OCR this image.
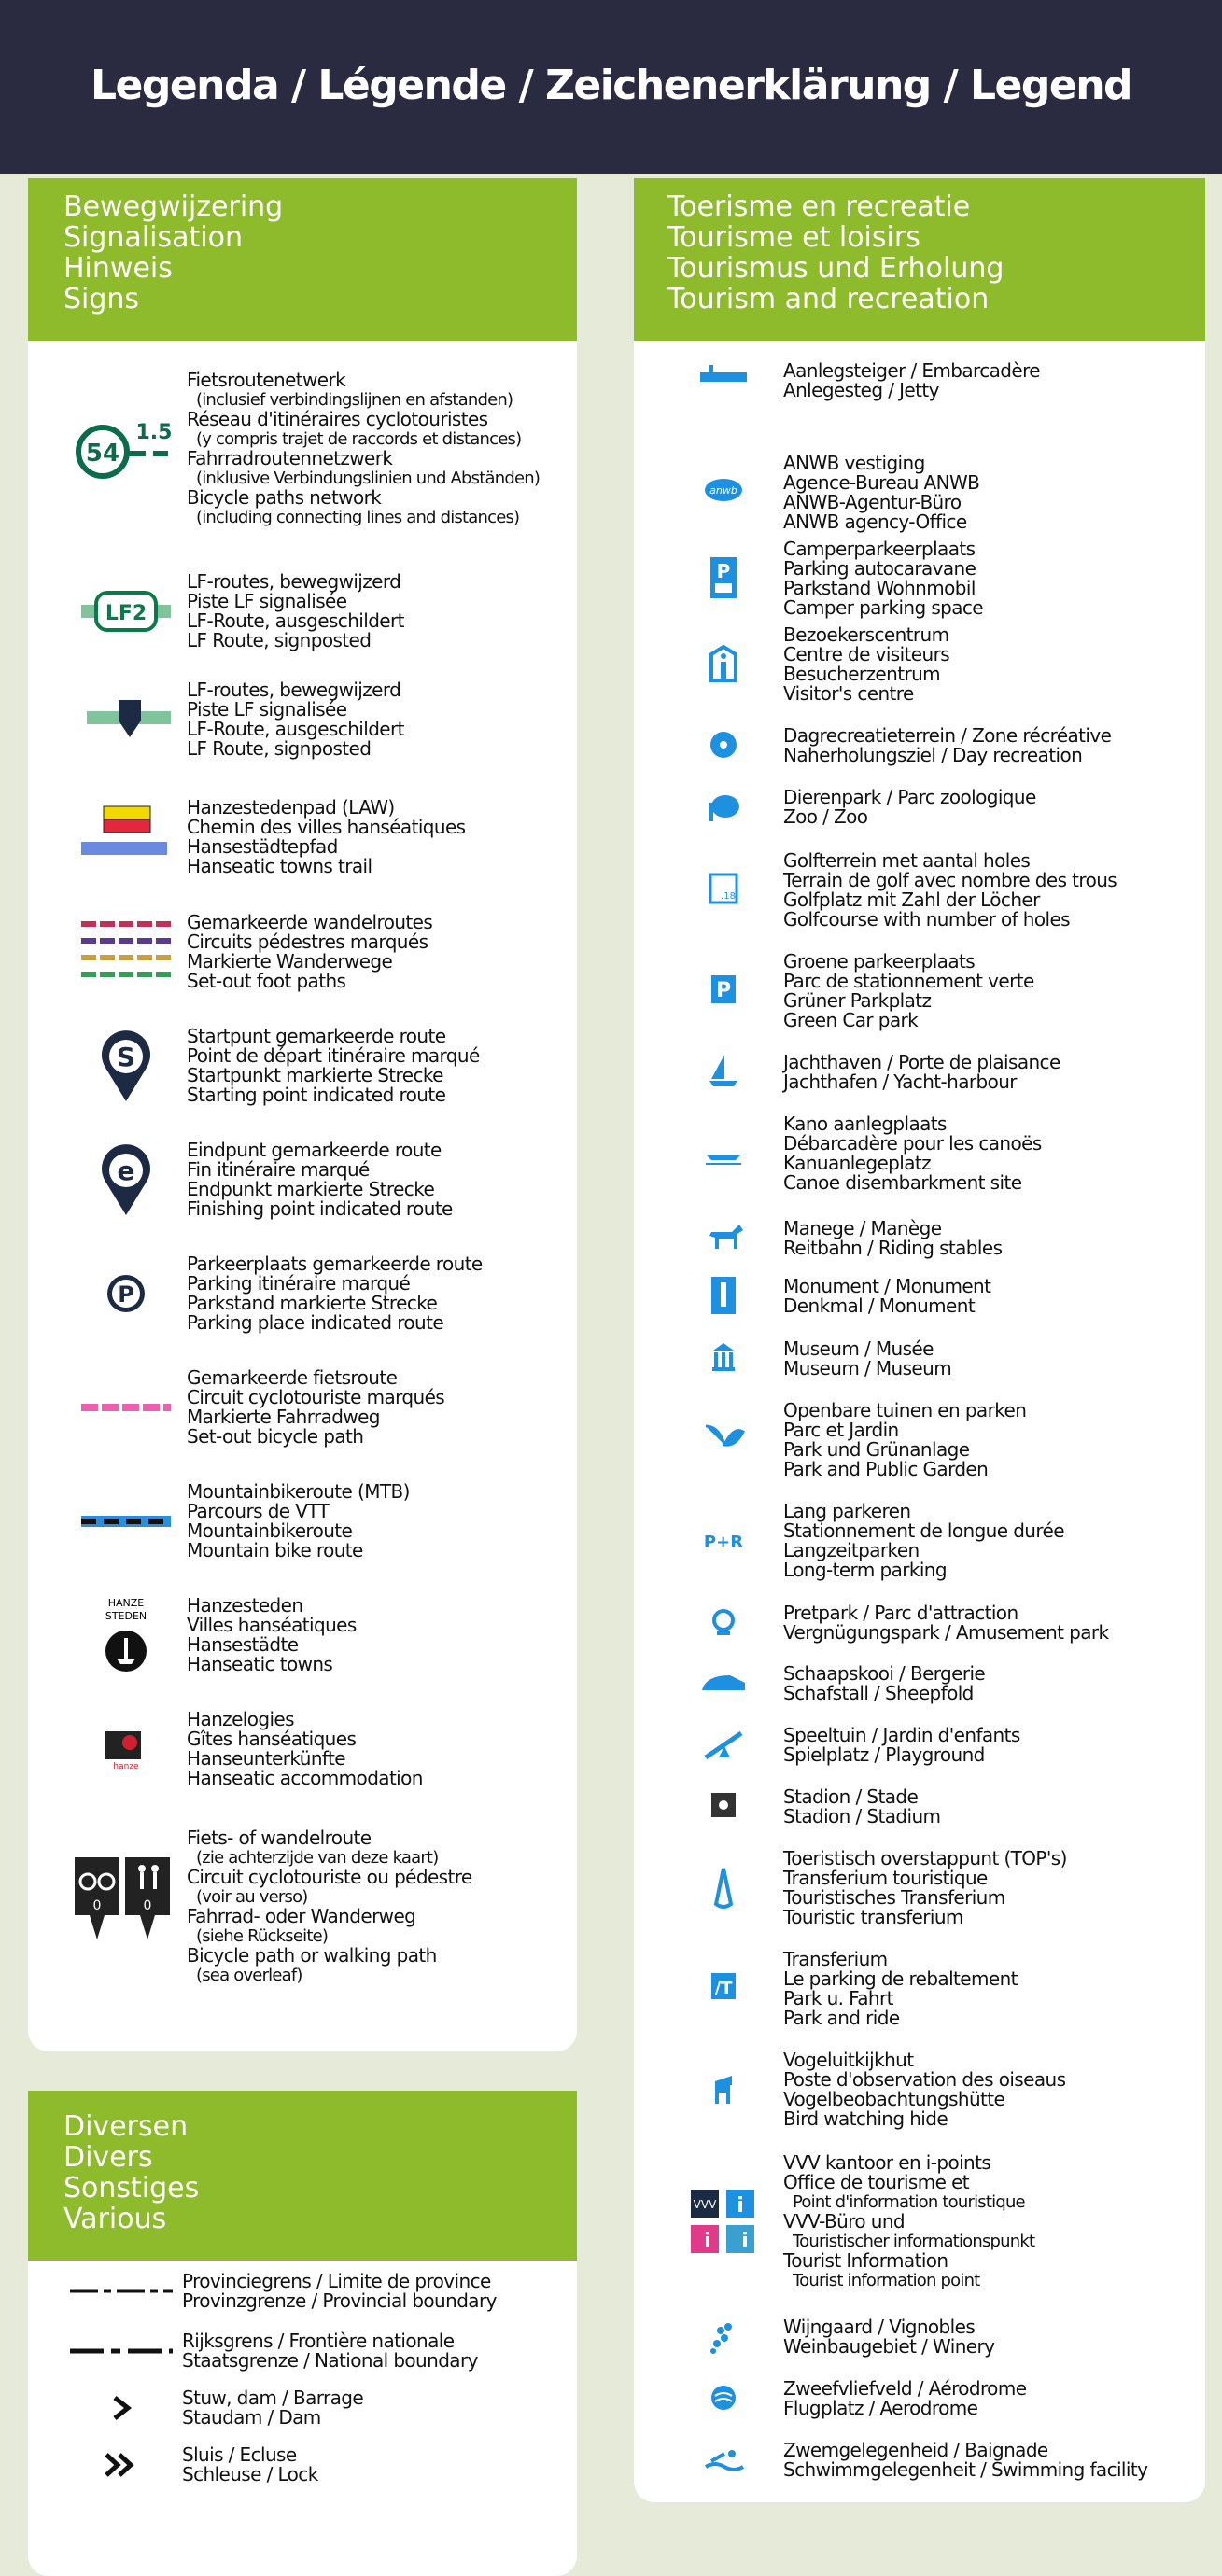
Legenda / Légende / Zeichenerklärung / Legend
Bewegwijzering
Signalisation
Hinweis
Signs
Diversen
Divers
Sonstiges
Various
Toerisme en recreatie
Tourisme et loisirs
Tourismus und Erholung
Tourism and recreation
Fietsroutenetwerk
(inclusief verbindingslijnen en afstanden)
Réseau d'itinéraires cyclotouristes
(y compris trajet de raccords et distances)
Fahrradroutennetzwerk
(inklusive Verbindungslinien und Abständen)
Bicycle paths network
(including connecting lines and distances)
54
1.5
LF-routes, bewegwijzerd
Piste LF signalisée
LF-Route, ausgeschildert
LF Route, signposted
LF2
LF-routes, bewegwijzerd
Piste LF signalisée
LF-Route, ausgeschildert
LF Route, signposted
Hanzestedenpad (LAW)
Chemin des villes hanséatiques
Hansestädtepfad
Hanseatic towns trail
Gemarkeerde wandelroutes
Circuits pédestres marqués
Markierte Wanderwege
Set-out foot paths
Startpunt gemarkeerde route
Point de départ itinéraire marqué
Startpunkt markierte Strecke
Starting point indicated route
S
Eindpunt gemarkeerde route
Fin itinéraire marqué
Endpunkt markierte Strecke
Finishing point indicated route
e
Parkeerplaats gemarkeerde route
Parking itinéraire marqué
Parkstand markierte Strecke
Parking place indicated route
P
Gemarkeerde fietsroute
Circuit cyclotouriste marqués
Markierte Fahrradweg
Set-out bicycle path
Mountainbikeroute (MTB)
Parcours de VTT
Mountainbikeroute
Mountain bike route
Hanzesteden
Villes hanséatiques
Hansestädte
Hanseatic towns
HANZE
STEDEN
Hanzelogies
Gîtes hanséatiques
Hanseunterkünfte
Hanseatic accommodation
hanze
Fiets- of wandelroute
(zie achterzijde van deze kaart)
Circuit cyclotouriste ou pédestre
(voir au verso)
Fahrrad- oder Wanderweg
(siehe Rückseite)
Bicycle path or walking path
(sea overleaf)
0	0
Provinciegrens / Limite de province
Provinzgrenze / Provincial boundary
Rijksgrens / Frontière nationale
Staatsgrenze / National boundary
Stuw, dam / Barrage
Staudam / Dam
Sluis / Ecluse
Schleuse / Lock
Aanlegsteiger / Embarcadère
Anlegesteg / Jetty
ANWB vestiging
Agence-Bureau ANWB
ANWB-Agentur-Büro
ANWB agency-Office
anwb
Camperparkeerplaats
Parking autocaravane
Parkstand Wohnmobil
Camper parking space
P
Bezoekerscentrum
Centre de visiteurs
Besucherzentrum
Visitor's centre
Dagrecreatieterrein / Zone récréative
Naherholungsziel / Day recreation
Dierenpark / Parc zoologique
Zoo / Zoo
Golfterrein met aantal holes
Terrain de golf avec nombre des trous
Golfplatz mit Zahl der Löcher
Golfcourse with number of holes
.18
Groene parkeerplaats
Parc de stationnement verte
Grüner Parkplatz
Green Car park
P
Jachthaven / Porte de plaisance
Jachthafen / Yacht-harbour
Kano aanlegplaats
Débarcadère pour les canoës
Kanuanlegeplatz
Canoe disembarkment site
Manege / Manège
Reitbahn / Riding stables
Monument / Monument
Denkmal / Monument
Museum / Musée
Museum / Museum
Openbare tuinen en parken
Parc et Jardin
Park und Grünanlage
Park and Public Garden
Lang parkeren
Stationnement de longue durée
Langzeitparken
Long-term parking
P+R
Pretpark / Parc d'attraction
Vergnügungspark / Amusement park
Schaapskooi / Bergerie
Schafstall / Sheepfold
Speeltuin / Jardin d'enfants
Spielplatz / Playground
Stadion / Stade
Stadion / Stadium
Toeristisch overstappunt (TOP's)
Transferium touristique
Touristisches Transferium
Touristic transferium
Transferium
Le parking de rebaltement
Park u. Fahrt
Park and ride
/T
Vogeluitkijkhut
Poste d'observation des oiseaus
Vogelbeobachtungshütte
Bird watching hide
VVV kantoor en i-points
Office de tourisme et
Point d'information touristique
VVV-Büro und
Touristischer informationspunkt
Tourist Information
Tourist information point
VVV i
i i
Wijngaard / Vignobles
Weinbaugebiet / Winery
Zweefvliefveld / Aérodrome
Flugplatz / Aerodrome
Zwemgelegenheid / Baignade
Schwimmgelegenheit / Swimming facility
